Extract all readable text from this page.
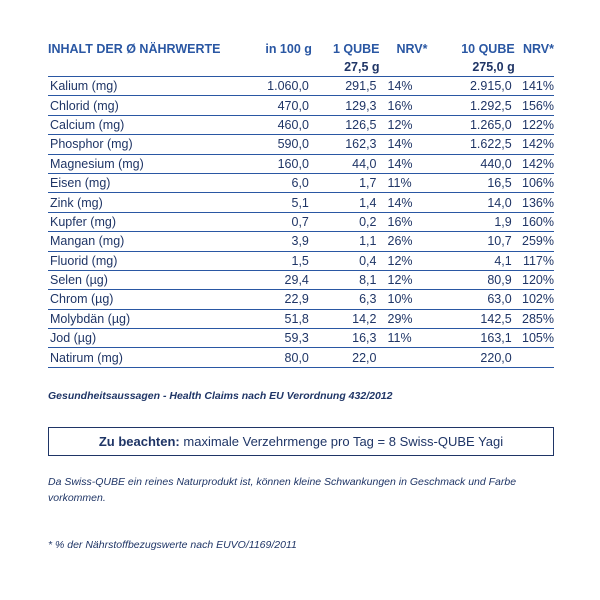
INHALT DER Ø NÄHRWERTE	in 100 g	1 QUBE	NRV*	10 QUBE	NRV*
		27,5 g		275,0 g	
Kalium (mg)	1.060,0	291,5	14%	2.915,0	141%
Chlorid (mg)	470,0	129,3	16%	1.292,5	156%
Calcium (mg)	460,0	126,5	12%	1.265,0	122%
Phosphor (mg)	590,0	162,3	14%	1.622,5	142%
Magnesium (mg)	160,0	44,0	14%	440,0	142%
Eisen (mg)	6,0	1,7	11%	16,5	106%
Zink (mg)	5,1	1,4	14%	14,0	136%
Kupfer (mg)	0,7	0,2	16%	1,9	160%
Mangan (mg)	3,9	1,1	26%	10,7	259%
Fluorid (mg)	1,5	0,4	12%	4,1	117%
Selen (µg)	29,4	8,1	12%	80,9	120%
Chrom (µg)	22,9	6,3	10%	63,0	102%
Molybdän (µg)	51,8	14,2	29%	142,5	285%
Jod (µg)	59,3	16,3	11%	163,1	105%
Natirum (mg)	80,0	22,0		220,0	
Gesundheitsaussagen - Health Claims nach EU Verordnung 432/2012
Zu beachten: maximale Verzehrmenge pro Tag = 8 Swiss-QUBE Yagi
Da Swiss-QUBE ein reines Naturprodukt ist, können kleine Schwankungen in Geschmack und Farbe vorkommen.
* % der Nährstoffbezugswerte nach EUVO/1169/2011
